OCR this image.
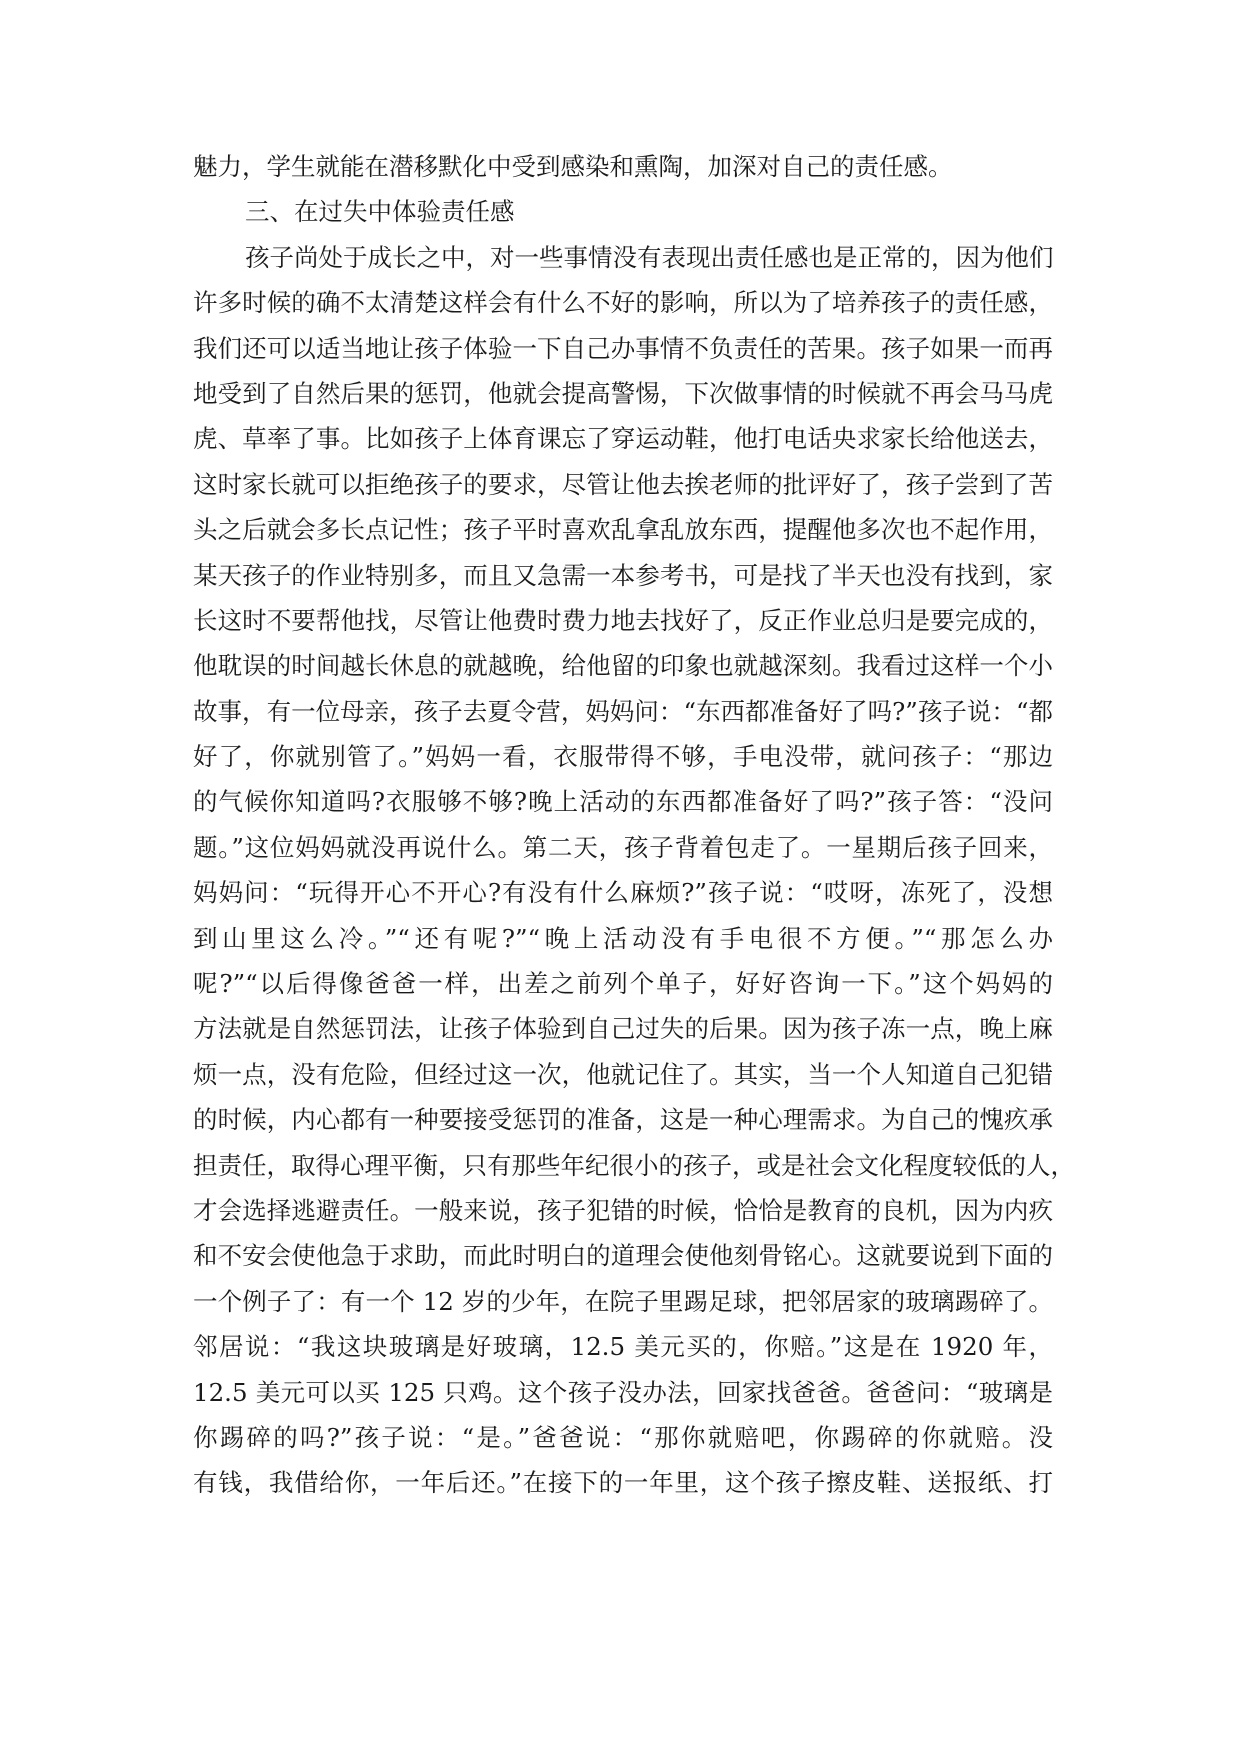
魅力，学生就能在潜移默化中受到感染和熏陶，加深对自己的责任感。
三、在过失中体验责任感
孩子尚处于成长之中，对一些事情没有表现出责任感也是正常的，因为他们
许多时候的确不太清楚这样会有什么不好的影响，所以为了培养孩子的责任感，
我们还可以适当地让孩子体验一下自己办事情不负责任的苦果。孩子如果一而再
地受到了自然后果的惩罚，他就会提高警惕，下次做事情的时候就不再会马马虎
虎、草率了事。比如孩子上体育课忘了穿运动鞋，他打电话央求家长给他送去，
这时家长就可以拒绝孩子的要求，尽管让他去挨老师的批评好了，孩子尝到了苦
头之后就会多长点记性；孩子平时喜欢乱拿乱放东西，提醒他多次也不起作用，
某天孩子的作业特别多，而且又急需一本参考书，可是找了半天也没有找到，家
长这时不要帮他找，尽管让他费时费力地去找好了，反正作业总归是要完成的，
他耽误的时间越长休息的就越晚，给他留的印象也就越深刻。我看过这样一个小
故事，有一位母亲，孩子去夏令营，妈妈问：“东西都准备好了吗?”孩子说：“都
好了，你就别管了。”妈妈一看，衣服带得不够，手电没带，就问孩子：“那边
的气候你知道吗?衣服够不够?晚上活动的东西都准备好了吗?”孩子答：“没问
题。”这位妈妈就没再说什么。第二天，孩子背着包走了。一星期后孩子回来，
妈妈问：“玩得开心不开心?有没有什么麻烦?”孩子说：“哎呀，冻死了，没想
到山里这么冷。”“还有呢?”“晚上活动没有手电很不方便。”“那怎么办
呢?”“以后得像爸爸一样，出差之前列个单子，好好咨询一下。”这个妈妈的
方法就是自然惩罚法，让孩子体验到自己过失的后果。因为孩子冻一点，晚上麻
烦一点，没有危险，但经过这一次，他就记住了。其实，当一个人知道自己犯错
的时候，内心都有一种要接受惩罚的准备，这是一种心理需求。为自己的愧疚承
担责任，取得心理平衡，只有那些年纪很小的孩子，或是社会文化程度较低的人，
才会选择逃避责任。一般来说，孩子犯错的时候，恰恰是教育的良机，因为内疚
和不安会使他急于求助，而此时明白的道理会使他刻骨铭心。这就要说到下面的
一个例子了：有一个 12 岁的少年，在院子里踢足球，把邻居家的玻璃踢碎了。
邻居说：“我这块玻璃是好玻璃，12.5 美元买的，你赔。”这是在 1920 年，
12.5 美元可以买 125 只鸡。这个孩子没办法，回家找爸爸。爸爸问：“玻璃是
你踢碎的吗?”孩子说：“是。”爸爸说：“那你就赔吧，你踢碎的你就赔。没
有钱，我借给你，一年后还。”在接下的一年里，这个孩子擦皮鞋、送报纸、打
